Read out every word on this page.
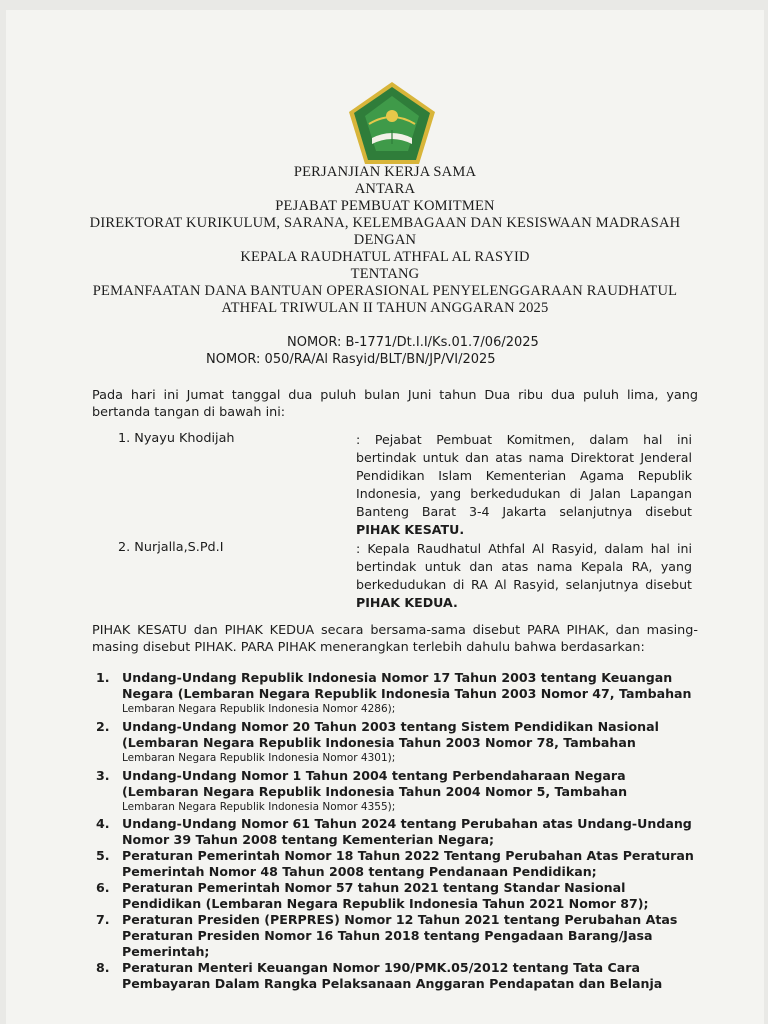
PERJANJIAN KERJA SAMA
ANTARA
PEJABAT PEMBUAT KOMITMEN
DIREKTORAT KURIKULUM, SARANA, KELEMBAGAAN DAN KESISWAAN MADRASAH
DENGAN
KEPALA RAUDHATUL ATHFAL AL RASYID
TENTANG
PEMANFAATAN DANA BANTUAN OPERASIONAL PENYELENGGARAAN RAUDHATUL
ATHFAL TRIWULAN II TAHUN ANGGARAN 2025
NOMOR: B-1771/Dt.I.I/Ks.01.7/06/2025
NOMOR: 050/RA/Al Rasyid/BLT/BN/JP/VI/2025
Pada hari ini Jumat tanggal dua puluh bulan Juni tahun Dua ribu dua puluh lima, yang bertanda tangan di bawah ini:
1. Nyayu Khodijah	: Pejabat Pembuat Komitmen, dalam hal ini bertindak untuk dan atas nama Direktorat Jenderal Pendidikan Islam Kementerian Agama Republik Indonesia, yang berkedudukan di Jalan Lapangan Banteng Barat 3-4 Jakarta selanjutnya disebut PIHAK KESATU.
2. Nurjalla,S.Pd.I	: Kepala Raudhatul Athfal Al Rasyid, dalam hal ini bertindak untuk dan atas nama Kepala RA, yang berkedudukan di RA Al Rasyid, selanjutnya disebut PIHAK KEDUA.
PIHAK KESATU dan PIHAK KEDUA secara bersama-sama disebut PARA PIHAK, dan masing-masing disebut PIHAK. PARA PIHAK menerangkan terlebih dahulu bahwa berdasarkan:
1. Undang-Undang Republik Indonesia Nomor 17 Tahun 2003 tentang Keuangan
Negara (Lembaran Negara Republik Indonesia Tahun 2003 Nomor 47, Tambahan
Lembaran Negara Republik Indonesia Nomor 4286);
2. Undang-Undang Nomor 20 Tahun 2003 tentang Sistem Pendidikan Nasional
(Lembaran Negara Republik Indonesia Tahun 2003 Nomor 78, Tambahan
Lembaran Negara Republik Indonesia Nomor 4301);
3. Undang-Undang Nomor 1 Tahun 2004 tentang Perbendaharaan Negara
(Lembaran Negara Republik Indonesia Tahun 2004 Nomor 5, Tambahan
Lembaran Negara Republik Indonesia Nomor 4355);
4. Undang-Undang Nomor 61 Tahun 2024 tentang Perubahan atas Undang-Undang
Nomor 39 Tahun 2008 tentang Kementerian Negara;
5. Peraturan Pemerintah Nomor 18 Tahun 2022 Tentang Perubahan Atas Peraturan
Pemerintah Nomor 48 Tahun 2008 tentang Pendanaan Pendidikan;
6. Peraturan Pemerintah Nomor 57 tahun 2021 tentang Standar Nasional
Pendidikan (Lembaran Negara Republik Indonesia Tahun 2021 Nomor 87);
7. Peraturan Presiden (PERPRES) Nomor 12 Tahun 2021 tentang Perubahan Atas
Peraturan Presiden Nomor 16 Tahun 2018 tentang Pengadaan Barang/Jasa
Pemerintah;
8. Peraturan Menteri Keuangan Nomor 190/PMK.05/2012 tentang Tata Cara
Pembayaran Dalam Rangka Pelaksanaan Anggaran Pendapatan dan Belanja
